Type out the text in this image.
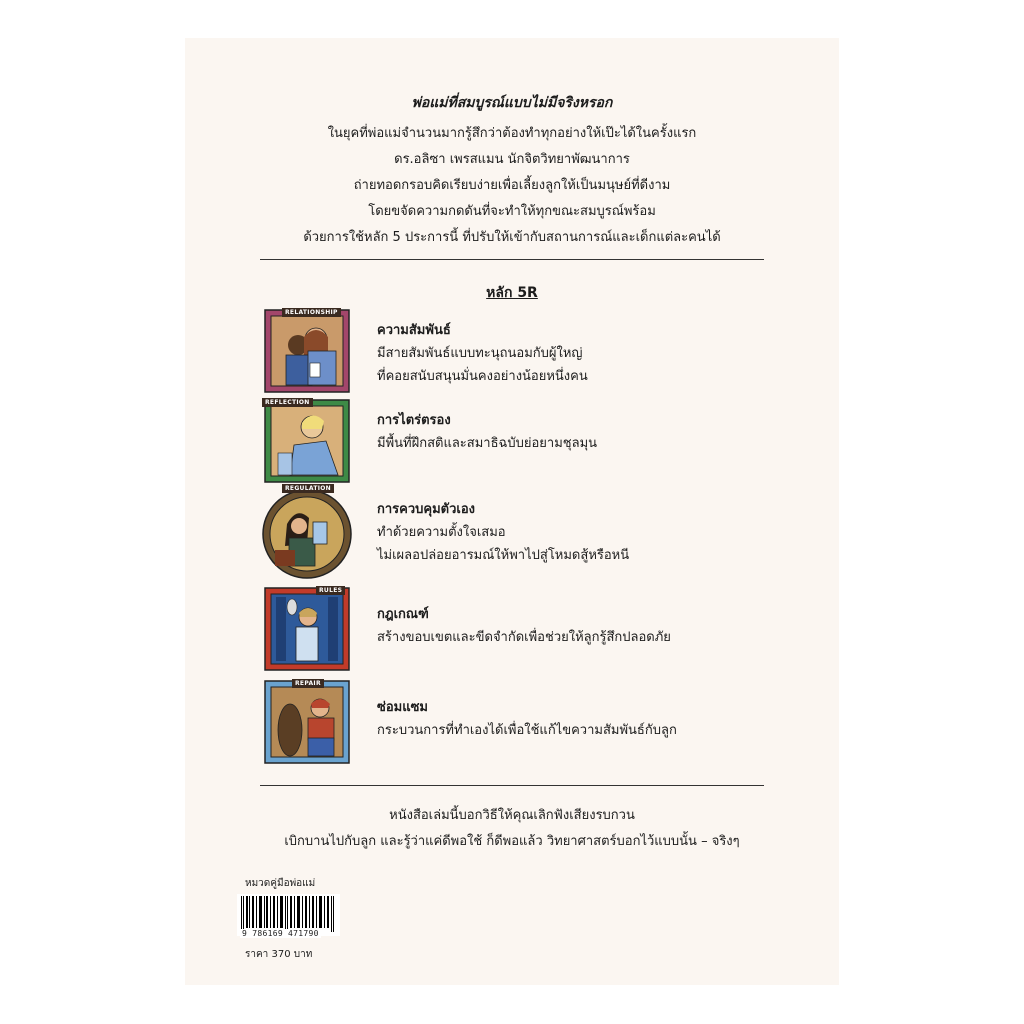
พ่อแม่ที่สมบูรณ์แบบไม่มีจริงหรอก
ในยุคที่พ่อแม่จำนวนมากรู้สึกว่าต้องทำทุกอย่างให้เป๊ะได้ในครั้งแรก
ดร.อลิซา เพรสแมน นักจิตวิทยาพัฒนาการ
ถ่ายทอดกรอบคิดเรียบง่ายเพื่อเลี้ยงลูกให้เป็นมนุษย์ที่ดีงาม
โดยขจัดความกดดันที่จะทำให้ทุกขณะสมบูรณ์พร้อม
ด้วยการใช้หลัก 5 ประการนี้ ที่ปรับให้เข้ากับสถานการณ์และเด็กแต่ละคนได้
หลัก 5R
RELATIONSHIP
ความสัมพันธ์
มีสายสัมพันธ์แบบทะนุถนอมกับผู้ใหญ่
ที่คอยสนับสนุนมั่นคงอย่างน้อยหนึ่งคน
REFLECTION
การไตร่ตรอง
มีพื้นที่ฝึกสติและสมาธิฉบับย่อยามชุลมุน
REGULATION
การควบคุมตัวเอง
ทำด้วยความตั้งใจเสมอ
ไม่เผลอปล่อยอารมณ์ให้พาไปสู่โหมดสู้หรือหนี
RULES
กฎเกณฑ์
สร้างขอบเขตและขีดจำกัดเพื่อช่วยให้ลูกรู้สึกปลอดภัย
REPAIR
ซ่อมแซม
กระบวนการที่ทำเองได้เพื่อใช้แก้ไขความสัมพันธ์กับลูก
หนังสือเล่มนี้บอกวิธีให้คุณเลิกฟังเสียงรบกวน
เบิกบานไปกับลูก และรู้ว่าแค่ดีพอใช้ ก็ดีพอแล้ว วิทยาศาสตร์บอกไว้แบบนั้น – จริงๆ
หมวดคู่มือพ่อแม่
9 786169 471790
ราคา 370 บาท
